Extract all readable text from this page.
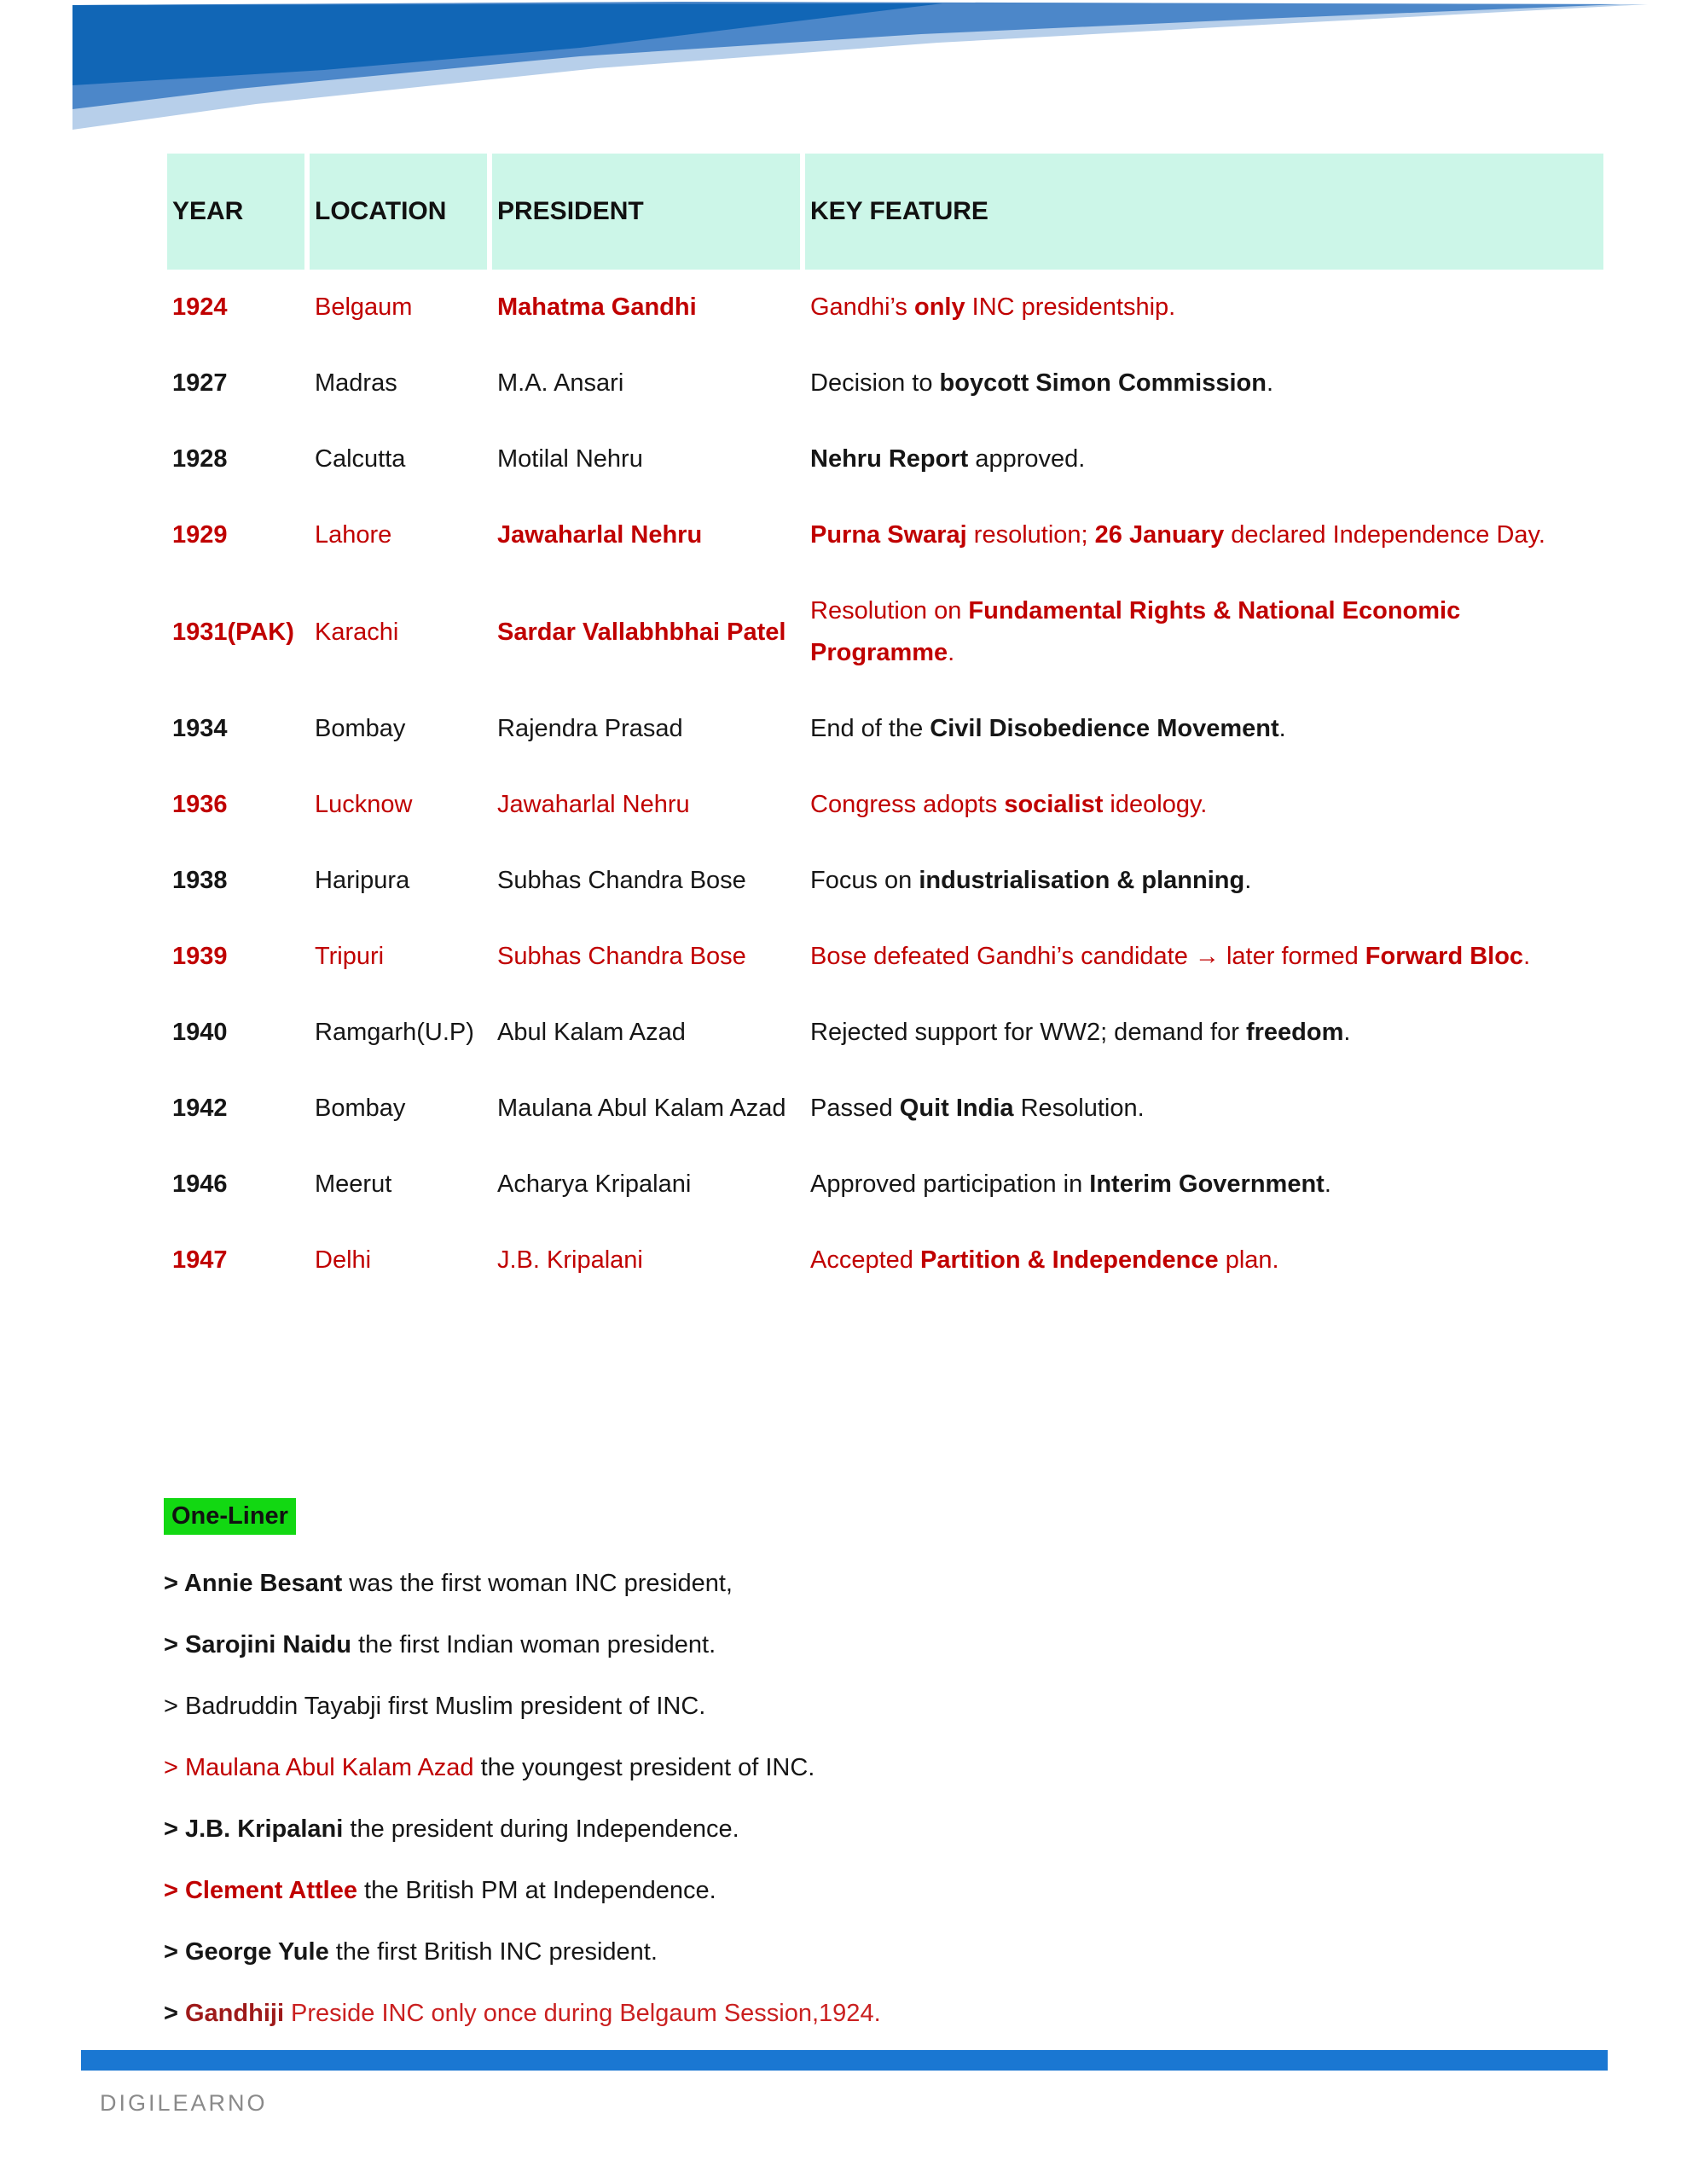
YEAR	LOCATION	PRESIDENT	KEY FEATURE
1924	Belgaum	Mahatma Gandhi	Gandhi’s only INC presidentship.
1927	Madras	M.A. Ansari	Decision to boycott Simon Commission.
1928	Calcutta	Motilal Nehru	Nehru Report approved.
1929	Lahore	Jawaharlal Nehru	Purna Swaraj resolution; 26 January declared Independence Day.
1931(PAK)	Karachi	Sardar Vallabhbhai Patel	Resolution on Fundamental Rights & National Economic Programme.
1934	Bombay	Rajendra Prasad	End of the Civil Disobedience Movement.
1936	Lucknow	Jawaharlal Nehru	Congress adopts socialist ideology.
1938	Haripura	Subhas Chandra Bose	Focus on industrialisation & planning.
1939	Tripuri	Subhas Chandra Bose	Bose defeated Gandhi’s candidate → later formed Forward Bloc.
1940	Ramgarh(U.P)	Abul Kalam Azad	Rejected support for WW2; demand for freedom.
1942	Bombay	Maulana Abul Kalam Azad	Passed Quit India Resolution.
1946	Meerut	Acharya Kripalani	Approved participation in Interim Government.
1947	Delhi	J.B. Kripalani	Accepted Partition & Independence plan.
One-Liner

> Annie Besant was the first woman INC president,

> Sarojini Naidu the first Indian woman president.

> Badruddin Tayabji first Muslim president of INC.

> Maulana Abul Kalam Azad the youngest president of INC.

> J.B. Kripalani the president during Independence.

> Clement Attlee the British PM at Independence.

> George Yule the first British INC president.

> Gandhiji Preside INC only once during Belgaum Session,1924.

DIGILEARNO
